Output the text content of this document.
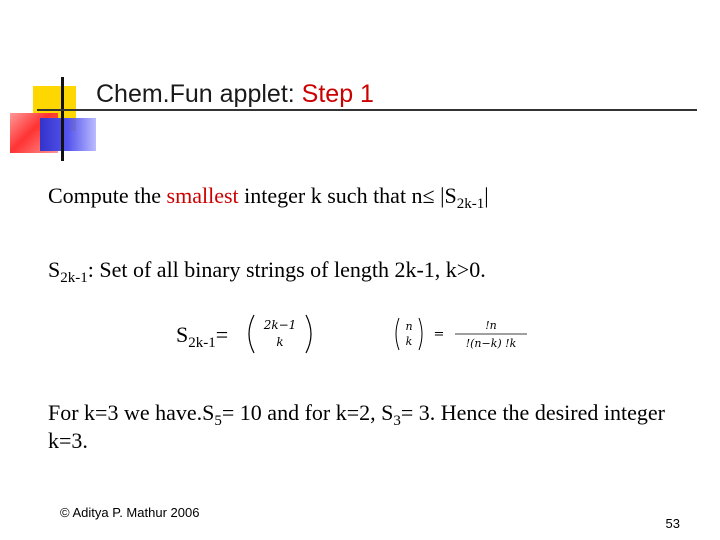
Chem.Fun applet: Step 1
Compute the smallest integer k such that $n\le |S_{2k-1}|$
$S_{2k-1}$: Set of all binary strings of length 2k-1, k>0.
$S_{2k-1}=$	2k−1
k
n
k =
!n
!(n−k) !k
For k=3 we $have.S_5= 10$ and for k=2, $S_3= 3$. Hence the desired integer k=3.
© Aditya P. Mathur 2006
53
